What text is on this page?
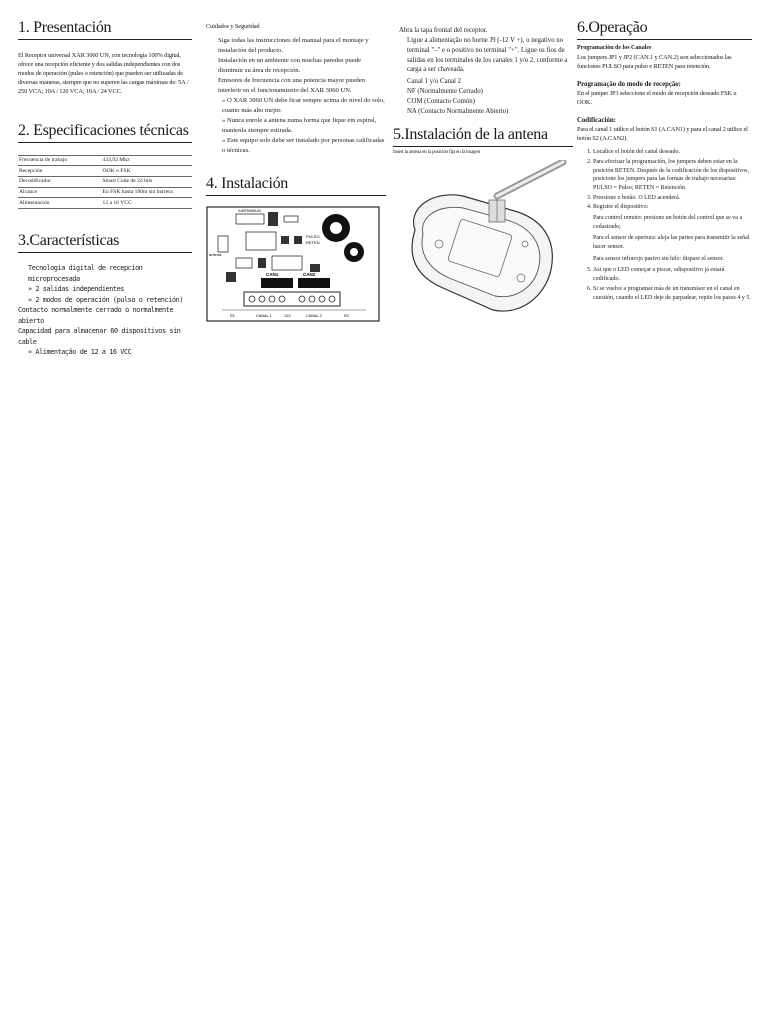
1. Presentación

El Receptor universal XAR 3060 UN, con tecnología 100% digital, ofrece una recepción eficiente y dos salidas independientes con dos modos de operación (pulso o retención) que pueden ser utilizadas de diversas maneras, siempre que no superen las cargas máximas de: 5A / 250 VCA; 10A / 120 VCA; 10A / 24 VCC.

2. Especificaciones técnicas
Frecuencia de trabajo	433,92 Mhz
Recepción	OOK o FSK
Decodificador	Smart Code de 24 bits
Alcance	En FSK hasta 100m sin barrera.
Alimentación	12 a 16 VCC
3.Características

Tecnologia digital de recepcion microprocesada

» 2 salidas independientes

» 2 modos de operación (pulso o retención)

Contacto normalmente cerrado o normalmente abierto

Capacidad para almacenar 60 dispositivos sin cable

» Alimentação de 12 a 16 VCC

Cuidados y Seguridad

Siga todas las instrucciones del manual para el montaje y instalación del producto.

Instalación en un ambiente con muchas paredes puede disminuir su área de recepción.

Emisores de frecuencia con una potencia mayor pueden interferir en el funcionamiento del XAR 3060 UN.

» O XAR 3060 UN debe ficar sempre acima do nivel do solo, cuanto más alto mejor.

» Nunca enrole a antena numa forma que fique em espiral, mantenla siempre estirada.

» Este equipo solo debe ser instalado por personas calificadas o técnicas.

4. Instalación
XAR3060UN
PULSO
RETEN
antena
CAN1	CAN2
CANAL 1	12V	CANAL 2
R1	R2

Abra la tapa frontal del receptor.

Ligue a alimentação no borne J9 (-12 V +), o negativo no terminal "–" e o positivo no terminal "+". Ligue os fios de salidas en los terminales de los canales 1 y/o 2, conforme a carga a ser chaveada.

Canal 1 y/o Canal 2

NF (Normalmente Cerrado)

COM (Contacto Común)

NA (Contacto Normalmente Abierto)

5.Instalación de la antena

Insert la antena en la posición fija en la imagen

6.Operação

Programación de los Canales

Los jumpers JP1 y JP2 (CAN.1 y CAN.2) son seleccionados las funciones PULSO para pulso e RETEN para retención.

Programação do modo de recepção:

En el jumper JP3 seleccione el modo de recepción deseado FSK u OOK.

Codificación:

Para el canal 1 utilice el botón S1 (A.CAN1) y para el canal 2 utilice el botón S2 (A.CAN2).

1. Localice el botón del canal deseado.
2. Para efectuar la programación, los jumpers deben estar en la posición RETEN. Después de la codificación de los dispositivos, posicione los jumpers para las formas de trabajo necesarias: PULSO = Pulso; RETEN = Retención.
3. Pressione o botão. O LED acenderá.
4. Registre el dispositivo:

Para control remoto: presione un botón del control que se va a codastrado;

Para el sensor de apertura: aleja las partes para transmitir la señal hacer sensor.

Para sensor infrarojo pasivo sin hilo: dispare el sensor.

5. Asi que o LED começar a piscar, odispositivo já estará codificado.
6. Si se vuelve a programar más de un transmisor en el canal en cuestión, cuando el LED deje de parpadear, repite los pasos 4 y 5.
